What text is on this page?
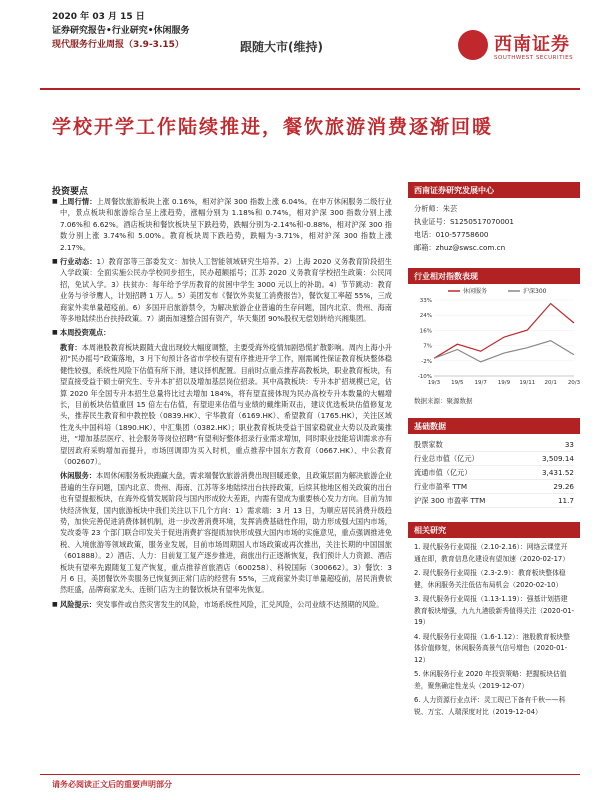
2020 年 03 月 15 日
证券研究报告•行业研究•休闲服务
现代服务行业周报（3.9-3.15）	跟随大市(维持)	西南证券
SOUTHWEST SECURITIES
学校开学工作陆续推进，餐饮旅游消费逐渐回暖
投资要点

■ 上周行情：上周餐饮旅游板块上涨 0.16%，相对沪深 300 指数上涨 6.04%。在申万休闲服务二级行业中，景点板块和旅游综合呈上涨趋势，涨幅分别为 1.18%和 0.74%，相对沪深 300 指数分别上涨 7.06%和 6.62%。酒店板块和餐饮板块呈下跌趋势，跌幅分别为-2.14%和-0.88%，相对沪深 300 指数分别上涨 3.74%和 5.00%。教育板块周下跌趋势，跌幅为-3.71%，相对沪深 300 指数上涨 2.17%。

■ 行业动态：1）教育部等三部委发文：加快人工智能领域研究生培养。2）上海 2020 义务教育阶段招生入学政策：全面实施公民办学校同步招生，民办超额摇号；江苏 2020 义务教育学校招生政策：公民同招，免试入学。3）扶贫办：每年给予学历教育的贫困中学生 3000 元以上的补助。4）节节跳动：教育业务与爷爷鹰人，计划招聘 1 万人。5）美团发布《餐饮外卖复工消费报告》，餐饮复工率超 55%，三成商家外卖单量超疫前。6）多国开启旅游禁令，为解决旅游企业普遍的生存问题，国内北京、贵州、海南等多地陆续出台扶持政策。7）湖南加速整合国有资产，华天集团 90%股权无偿划转给兴湘集团。

■ 本周投资观点：

教育：本周港股教育板块跟随大盘出现较大幅度调整，主要受海外疫情加剧恐慌扩散影响。周内上海小升初“民办摇号”政策落地，3 月下旬预计各省市学校有望有序推进开学工作，刚需属性保证教育板块整体稳健性较强，系统性风险下估值有所下滑，建议择机配置。目前时点重点推荐高教板块，职业教育板块，有望直接受益于硕士研究生、专升本扩招以及增加基层岗位招录。其中高教板块：专升本扩招规模已定，估算 2020 年全国专升本招生总量将比过去增加 184%，将有望直接体现为民办高校专升本数量的大幅增长，目前板块估值重回 15 倍左右估值，有望迎来估值与业绩的戴维斯双击，建议优选板块估值修复龙头，推荐民生教育和中教控股（0839.HK）、宇华教育（6169.HK）、希望教育（1765.HK），关注区域性龙头中国科培（1890.HK）、中汇集团（0382.HK）；职业教育板块受益于国家稳就业大势以及政策推进，“增加基层医疗、社会服务等岗位招聘”有望利好整体招录行业需求增加，同时职业技能培训需求亦有望因政府采购增加而提升，市场回调即为买入时机，重点推荐中国东方教育（0667.HK）、中公教育（002607）。

休闲服务：本周休闲服务板块跑赢大盘，需求端餐饮旅游消费出现回暖迹象，且政策层面为解决旅游企业普遍的生存问题，国内北京、贵州、海南、江苏等多地陆续出台扶持政策，后续其他地区相关政策的出台也有望提振板块，在海外疫情发展阶段与国内形成较大差距，内需有望成为重要核心发力方向。目前为加快经济恢复，国内旅游板块中我们关注以下几个方向：1）需求端：3 月 13 日，为顺应居民消费升级趋势，加快完善促进消费体制机制，进一步改善消费环境，发挥消费基础性作用，助力形成强大国内市场，发改委等 23 个部门联合印发关于促进消费扩容提质加快形成强大国内市场的实施意见，重点强调推进免税、入境旅游等领域政策，服务业发展，目前市场周期国人市场政策或再次推出，关注长期的中国国旅（601888）。2）酒店、人力：目前复工复产逐步推进，商旅出行正逐渐恢复，我们预计人力资源、酒店板块有望率先跟随复工复产恢复，重点推荐首旅酒店（600258）、科锐国际（300662）。3）餐饮：3 月 6 日，美团餐饮外卖服务已恢复到正常门店的经营有 55%，三成商家外卖订单量超疫前，居民消费依然旺盛，品牌商家龙头、连锁门店为主的餐饮板块有望率先恢复。

■ 风险提示：突发事件或自然灾害发生的风险，市场系统性风险，汇兑风险，公司业绩不达预期的风险。

西南证券研究发展中心
分析师：朱芸
执业证号：S1250517070001
电话：010-57758600
邮箱：zhuz@swsc.com.cn
行业相对指数表现
休闲服务	沪深300
33%
24%
16%
7%
-2%
-10%
19/3 19/5 19/7 19/9 19/11 20/1 20/3
数据来源：聚源数据
基础数据
股票家数	33
行业总市值（亿元）	3,509.14
流通市值（亿元）	3,431.52
行业市盈率 TTM	29.26
沪深 300 市盈率 TTM	11.7
相关研究
1. 现代服务行业周报（2.10-2.16）：网络云课堂开通在即，教育信息化建设有望加速（2020-02-17）
2. 现代服务行业周报（2.3-2.9）：教育板块整体稳健，休闲服务关注低估布局机会（2020-02-10）
3. 现代服务行业周报（1.13-1.19）：强基计划搭建教育板块增强，九九九港股新秀值得关注（2020-01-19）
4. 现代服务行业周报（1.6-1.12）：港股教育板块整体价值修复，休闲服务高景气信号增色（2020-01-12）
5. 休闲服务行业 2020 年投资策略：把握板块估值差，聚焦确定性龙头（2019-12-07）
6. 人力资源行业点评：灵工现已下备有千秋——科锐、万宝、人瑞深度对比（2019-12-04）
请务必阅读正文后的重要声明部分
